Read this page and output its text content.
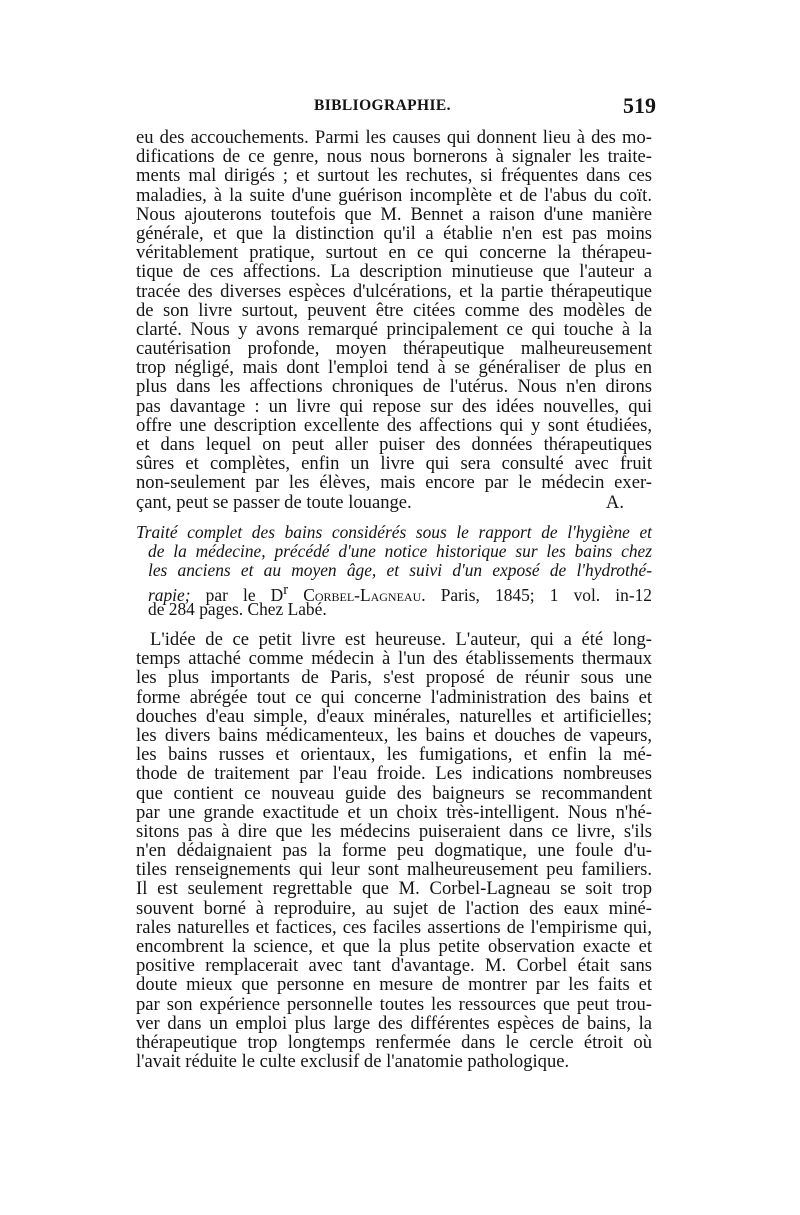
BIBLIOGRAPHIE.	519
eu des accouchements. Parmi les causes qui donnent lieu à des mo-
difications de ce genre, nous nous bornerons à signaler les traite-
ments mal dirigés ; et surtout les rechutes, si fréquentes dans ces
maladies, à la suite d'une guérison incomplète et de l'abus du coït.
Nous ajouterons toutefois que M. Bennet a raison d'une manière
générale, et que la distinction qu'il a établie n'en est pas moins
véritablement pratique, surtout en ce qui concerne la thérapeu-
tique de ces affections. La description minutieuse que l'auteur a
tracée des diverses espèces d'ulcérations, et la partie thérapeutique
de son livre surtout, peuvent être citées comme des modèles de
clarté. Nous y avons remarqué principalement ce qui touche à la
cautérisation profonde, moyen thérapeutique malheureusement
trop négligé, mais dont l'emploi tend à se généraliser de plus en
plus dans les affections chroniques de l'utérus. Nous n'en dirons
pas davantage : un livre qui repose sur des idées nouvelles, qui
offre une description excellente des affections qui y sont étudiées,
et dans lequel on peut aller puiser des données thérapeutiques
sûres et complètes, enfin un livre qui sera consulté avec fruit
non-seulement par les élèves, mais encore par le médecin exer-
çant, peut se passer de toute louange.	A.
Traité complet des bains considérés sous le rapport de l'hygiène et
de la médecine, précédé d'une notice historique sur les bains chez
les anciens et au moyen âge, et suivi d'un exposé de l'hydrothé-
rapie; par le $D^r$ Corbel-Lagneau. Paris, 1845; 1 vol. in-12
de 284 pages. Chez Labé.
L'idée de ce petit livre est heureuse. L'auteur, qui a été long-
temps attaché comme médecin à l'un des établissements thermaux
les plus importants de Paris, s'est proposé de réunir sous une
forme abrégée tout ce qui concerne l'administration des bains et
douches d'eau simple, d'eaux minérales, naturelles et artificielles;
les divers bains médicamenteux, les bains et douches de vapeurs,
les bains russes et orientaux, les fumigations, et enfin la mé-
thode de traitement par l'eau froide. Les indications nombreuses
que contient ce nouveau guide des baigneurs se recommandent
par une grande exactitude et un choix très-intelligent. Nous n'hé-
sitons pas à dire que les médecins puiseraient dans ce livre, s'ils
n'en dédaignaient pas la forme peu dogmatique, une foule d'u-
tiles renseignements qui leur sont malheureusement peu familiers.
Il est seulement regrettable que M. Corbel-Lagneau se soit trop
souvent borné à reproduire, au sujet de l'action des eaux miné-
rales naturelles et factices, ces faciles assertions de l'empirisme qui,
encombrent la science, et que la plus petite observation exacte et
positive remplacerait avec tant d'avantage. M. Corbel était sans
doute mieux que personne en mesure de montrer par les faits et
par son expérience personnelle toutes les ressources que peut trou-
ver dans un emploi plus large des différentes espèces de bains, la
thérapeutique trop longtemps renfermée dans le cercle étroit où
l'avait réduite le culte exclusif de l'anatomie pathologique.
